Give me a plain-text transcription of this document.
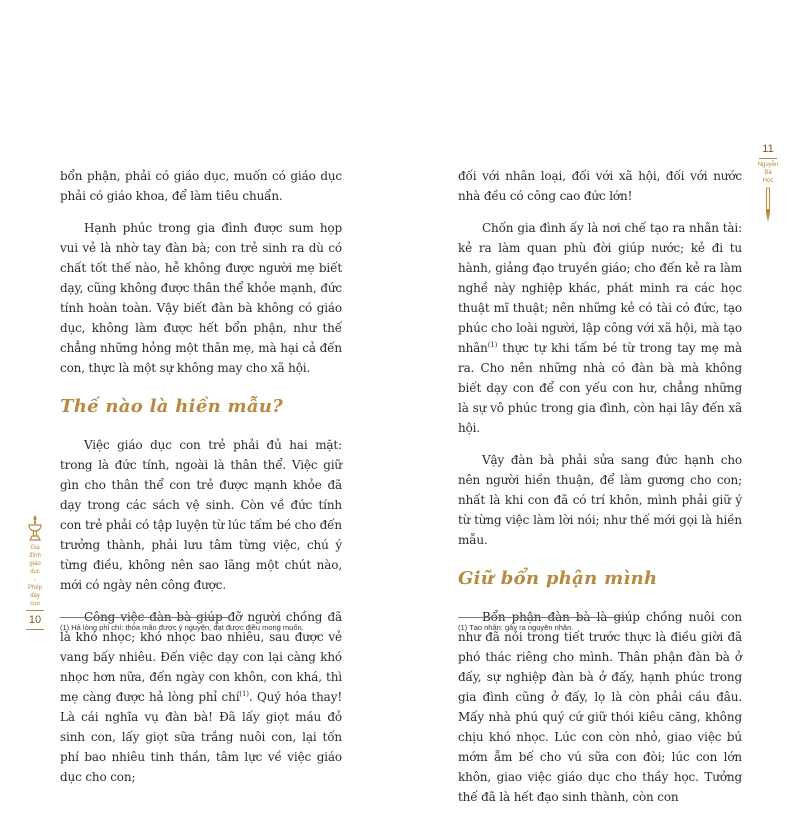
bổn phận, phải có giáo dục, muốn có giáo dục phải có giáo khoa, để làm tiêu chuẩn.

Hạnh phúc trong gia đình được sum họp vui vẻ là nhờ tay đàn bà; con trẻ sinh ra dù có chất tốt thế nào, hễ không được người mẹ biết dạy, cũng không được thân thể khỏe mạnh, đức tính hoàn toàn. Vậy biết đàn bà không có giáo dục, không làm được hết bổn phận, như thế chẳng những hỏng một thân mẹ, mà hại cả đến con, thực là một sự không may cho xã hội.

Thế nào là hiền mẫu?

Việc giáo dục con trẻ phải đủ hai mặt: trong là đức tính, ngoài là thân thể. Việc giữ gìn cho thân thể con trẻ được mạnh khỏe đã dạy trong các sách vệ sinh. Còn về đức tính con trẻ phải có tập luyện từ lúc tấm bé cho đến trưởng thành, phải lưu tâm từng việc, chú ý từng điều, không nên sao lãng một chút nào, mới có ngày nên công được.

Công việc đàn bà giúp đỡ người chồng đã là khó nhọc; khó nhọc bao nhiêu, sau được vẻ vang bấy nhiêu. Đến việc dạy con lại càng khó nhọc hơn nữa, đến ngày con khôn, con khá, thì mẹ càng được hả lòng phỉ chí$^{(1)}$. Quý hóa thay! Là cái nghĩa vụ đàn bà! Đã lấy giọt máu đỏ sinh con, lấy giọt sữa trắng nuôi con, lại tốn phí bao nhiêu tinh thần, tâm lực về việc giáo dục cho con;

(1) Hả lòng phỉ chí: thỏa mãn được ý nguyện, đạt được điều mong muốn.
Gia
đình
giáo
dục
-
Phép
dạy
con
10

đối với nhân loại, đối với xã hội, đối với nước nhà đều có công cao đức lớn!

Chốn gia đình ấy là nơi chế tạo ra nhân tài: kẻ ra làm quan phù đời giúp nước; kẻ đi tu hành, giảng đạo truyền giáo; cho đến kẻ ra làm nghề này nghiệp khác, phát minh ra các học thuật mĩ thuật; nên những kẻ có tài có đức, tạo phúc cho loài người, lập công với xã hội, mà tạo nhân$^{(1)}$ thực tự khi tấm bé từ trong tay mẹ mà ra. Cho nên những nhà có đàn bà mà không biết dạy con để con yếu con hư, chẳng những là sự vô phúc trong gia đình, còn hại lây đến xã hội.

Vậy đàn bà phải sửa sang đức hạnh cho nên người hiền thuận, để làm gương cho con; nhất là khi con đã có trí khôn, mình phải giữ ý từ từng việc làm lời nói; như thế mới gọi là hiền mẫu.

Giữ bổn phận mình

Bổn phận đàn bà là giúp chồng nuôi con như đã nói trong tiết trước thực là điều giời đã phó thác riêng cho mình. Thân phận đàn bà ở đấy, sự nghiệp đàn bà ở đấy, hạnh phúc trong gia đình cũng ở đấy, lọ là còn phải cầu đâu. Mấy nhà phú quý cứ giữ thói kiêu căng, không chịu khó nhọc. Lúc con còn nhỏ, giao việc bú mớm ẵm bế cho vú sữa con đòi; lúc con lớn khôn, giao việc giáo dục cho thầy học. Tưởng thế đã là hết đạo sinh thành, còn con

(1) Tạo nhân: gây ra nguyên nhân.
11
Nguyễn
Bá
Học
